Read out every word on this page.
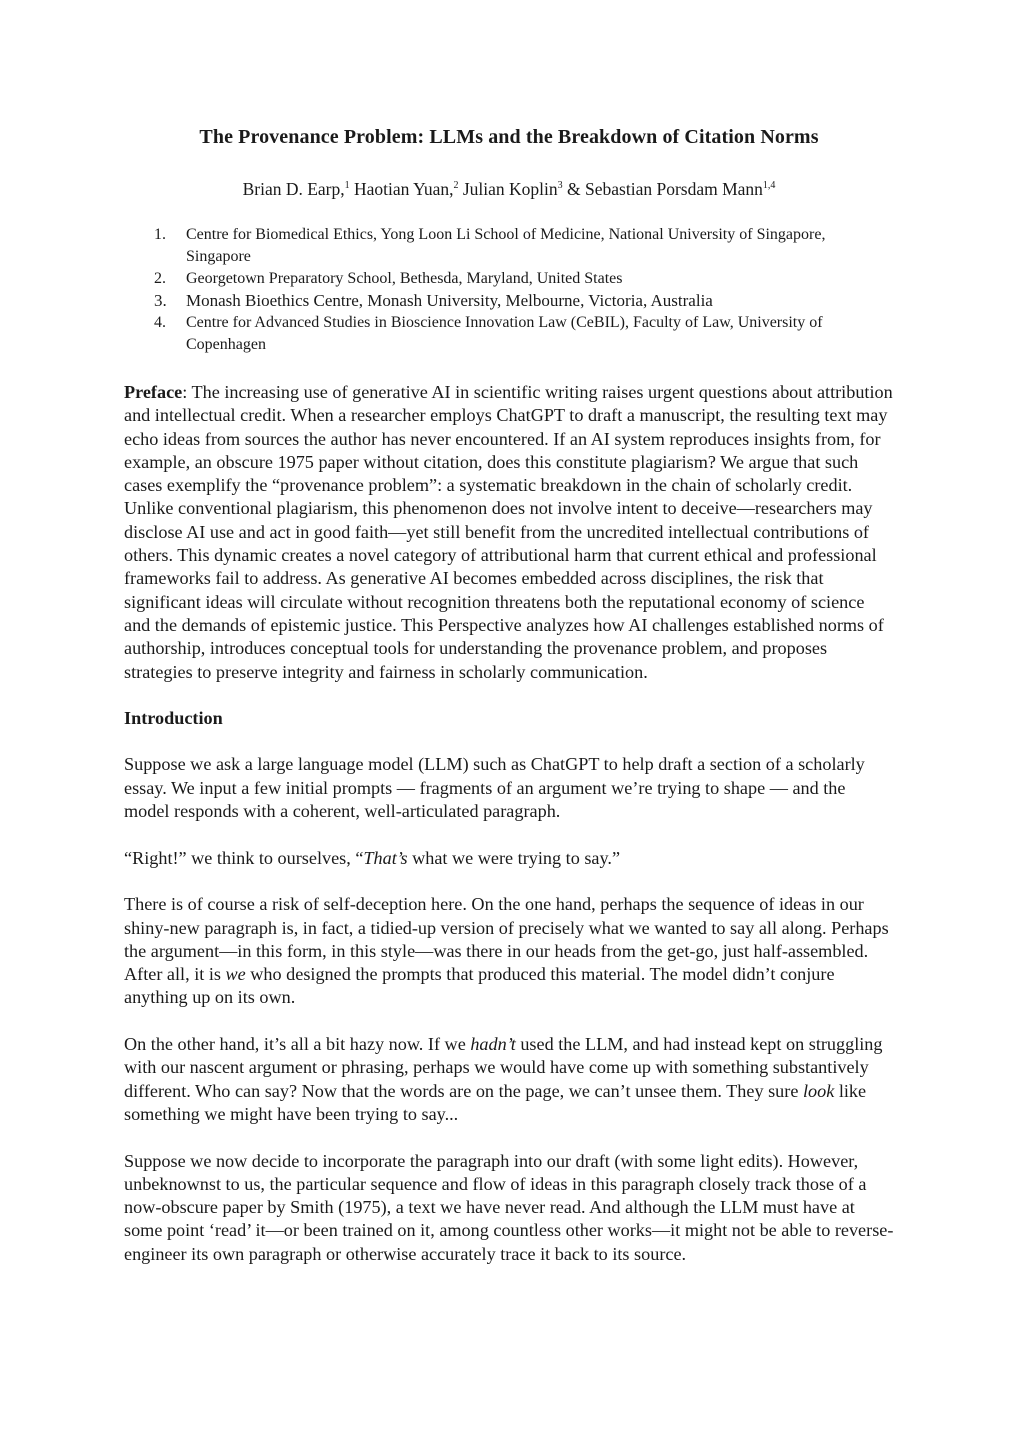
The Provenance Problem: LLMs and the Breakdown of Citation Norms
Brian D. Earp,$^1$ Haotian Yuan,$^2$ Julian Koplin$^3$ & Sebastian Porsdam Mann$^{1,4}$
1. Centre for Biomedical Ethics, Yong Loon Li School of Medicine, National University of Singapore, Singapore
2. Georgetown Preparatory School, Bethesda, Maryland, United States
3. Monash Bioethics Centre, Monash University, Melbourne, Victoria, Australia
4. Centre for Advanced Studies in Bioscience Innovation Law (CeBIL), Faculty of Law, University of Copenhagen

Preface: The increasing use of generative AI in scientific writing raises urgent questions about attribution and intellectual credit. When a researcher employs ChatGPT to draft a manuscript, the resulting text may echo ideas from sources the author has never encountered. If an AI system reproduces insights from, for example, an obscure 1975 paper without citation, does this constitute plagiarism? We argue that such cases exemplify the “provenance problem”: a systematic breakdown in the chain of scholarly credit. Unlike conventional plagiarism, this phenomenon does not involve intent to deceive—researchers may disclose AI use and act in good faith—yet still benefit from the uncredited intellectual contributions of others. This dynamic creates a novel category of attributional harm that current ethical and professional frameworks fail to address. As generative AI becomes embedded across disciplines, the risk that significant ideas will circulate without recognition threatens both the reputational economy of science and the demands of epistemic justice. This Perspective analyzes how AI challenges established norms of authorship, introduces conceptual tools for understanding the provenance problem, and proposes strategies to preserve integrity and fairness in scholarly communication.

Introduction

Suppose we ask a large language model (LLM) such as ChatGPT to help draft a section of a scholarly essay. We input a few initial prompts — fragments of an argument we’re trying to shape — and the model responds with a coherent, well-articulated paragraph.

“Right!” we think to ourselves, “That’s what we were trying to say.”

There is of course a risk of self-deception here. On the one hand, perhaps the sequence of ideas in our shiny-new paragraph is, in fact, a tidied-up version of precisely what we wanted to say all along. Perhaps the argument—in this form, in this style—was there in our heads from the get-go, just half-assembled. After all, it is we who designed the prompts that produced this material. The model didn’t conjure anything up on its own.

On the other hand, it’s all a bit hazy now. If we hadn’t used the LLM, and had instead kept on struggling with our nascent argument or phrasing, perhaps we would have come up with something substantively different. Who can say? Now that the words are on the page, we can’t unsee them. They sure look like something we might have been trying to say...

Suppose we now decide to incorporate the paragraph into our draft (with some light edits). However, unbeknownst to us, the particular sequence and flow of ideas in this paragraph closely track those of a now-obscure paper by Smith (1975), a text we have never read. And although the LLM must have at some point ‘read’ it—or been trained on it, among countless other works—it might not be able to reverse-engineer its own paragraph or otherwise accurately trace it back to its source.
